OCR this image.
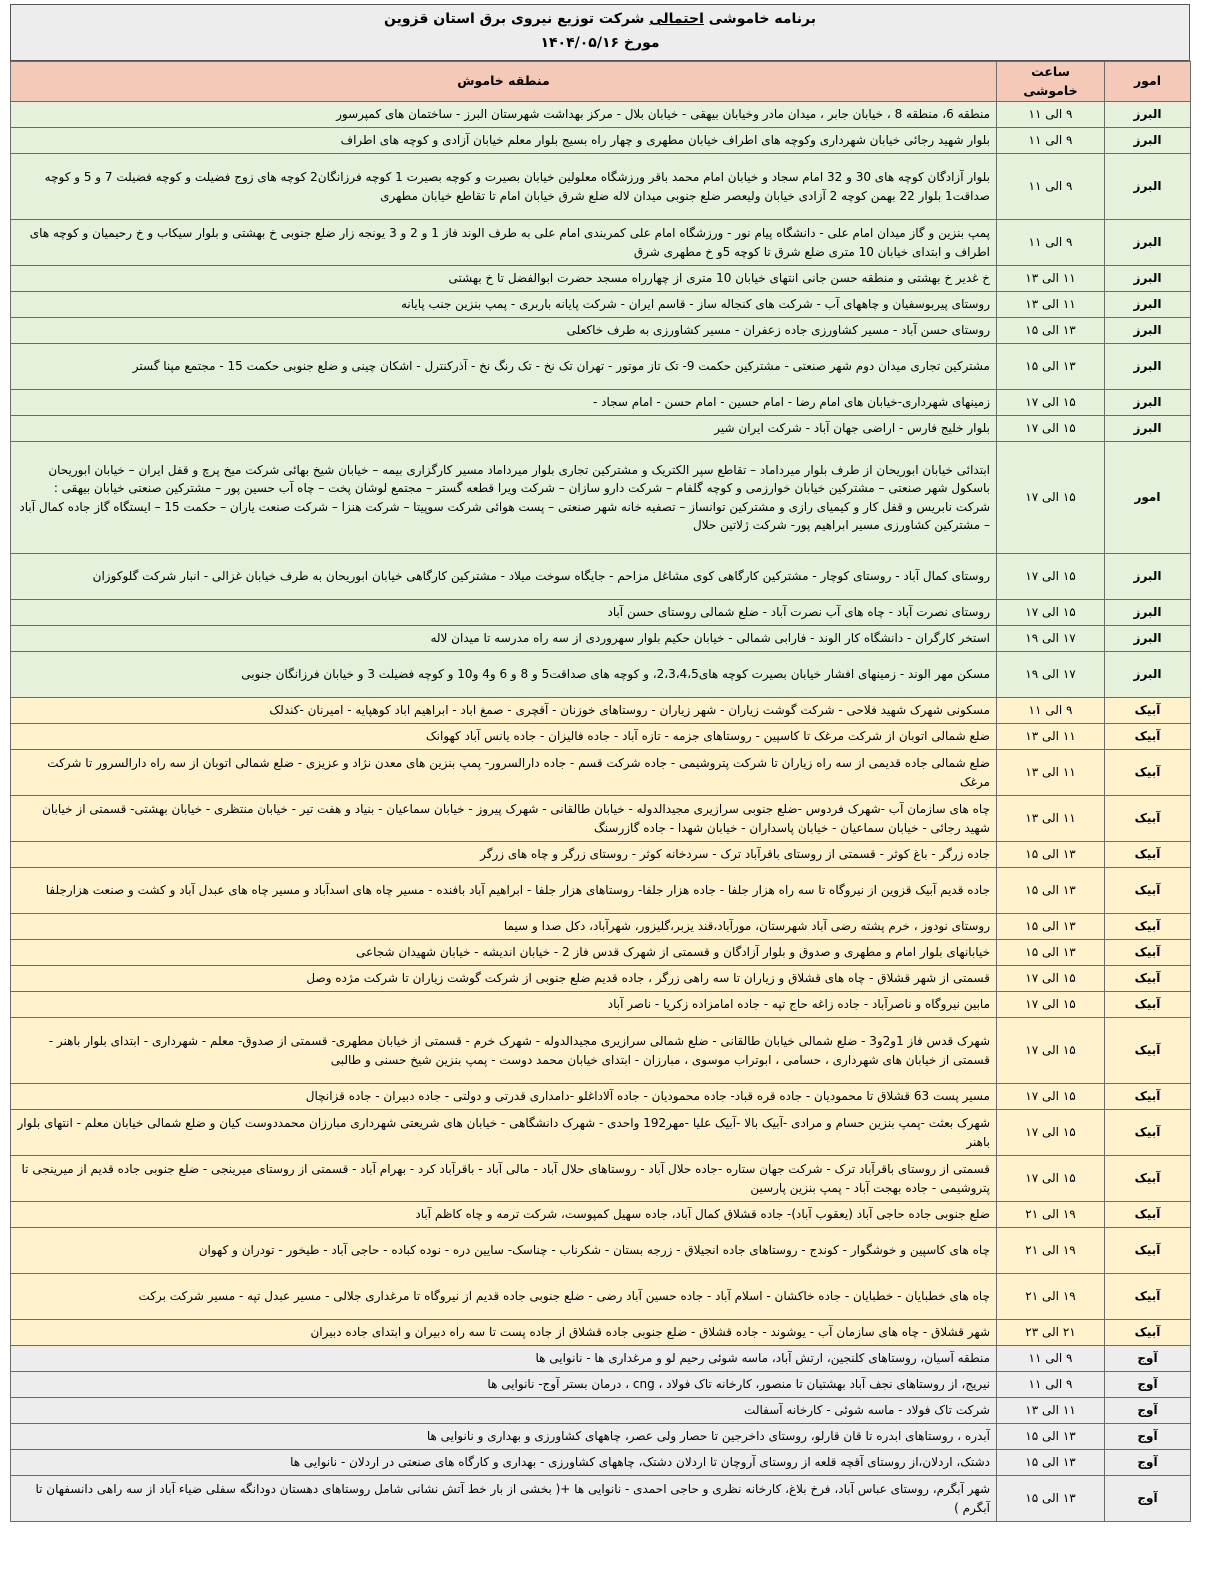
برنامه خاموشی احتمالی شرکت توزیع نیروی برق استان قزوین
مورخ ۱۴۰۴/۰۵/۱۶
امور	ساعت خاموشی	منطقه خاموش
البرز	۹ الی ۱۱	منطقه 6، منطقه 8 ، خیابان جابر ، میدان مادر وخیابان بیهقی - خیابان بلال - مرکز بهداشت شهرستان البرز - ساختمان های کمپرسور
البرز	۹ الی ۱۱	بلوار شهید رجائی خیابان شهرداری وکوچه های اطراف خیابان مطهری و چهار راه بسیج بلوار معلم خیابان آزادی و کوچه های اطراف
البرز	۹ الی ۱۱	بلوار آزادگان کوچه های 30 و 32 امام سجاد و خیابان امام محمد باقر ورزشگاه معلولین خیابان بصیرت و کوچه بصیرت 1 کوچه فرزانگان2 کوچه های زوج فضیلت و کوچه فضیلت 7 و 5 و کوچه صداقت1 بلوار 22 بهمن کوچه 2 آزادی خیابان ولیعصر ضلع جنوبی میدان لاله ضلع شرق خیابان امام تا تقاطع خیابان مطهری
البرز	۹ الی ۱۱	پمپ بنزین و گاز میدان امام علی - دانشگاه پیام نور - ورزشگاه امام علی کمربندی امام علی به طرف الوند فاز 1 و 2 و 3 یونجه زار ضلع جنوبی خ بهشتی و بلوار سیکاب و خ رحیمیان و کوچه های اطراف و ابتدای خیابان 10 متری ضلع شرق تا کوچه 5و خ مطهری شرق
البرز	۱۱ الی ۱۳	خ غدیر خ بهشتی و منطقه حسن جانی انتهای خیابان 10 متری از چهارراه مسجد حضرت ابوالفضل تا خ بهشتی
البرز	۱۱ الی ۱۳	روستای پیربوسفیان و چاههای آب - شرکت های کنجاله ساز - قاسم ایران - شرکت پایانه باربری - پمپ بنزین جنب پایانه
البرز	۱۳ الی ۱۵	روستای حسن آباد - مسیر کشاورزی جاده زعفران - مسیر کشاورزی به طرف خاکعلی
البرز	۱۳ الی ۱۵	مشترکین تجاری میدان دوم شهر صنعتی - مشترکین حکمت 9- تک تاز موتور - تهران تک نخ - تک رنگ نخ - آذرکنترل - اشکان چینی و ضلع جنوبی حکمت 15 - مجتمع مپنا گستر
البرز	۱۵ الی ۱۷	زمینهای شهرداری-خیابان های امام رضا - امام حسین - امام حسن - امام سجاد -
البرز	۱۵ الی ۱۷	بلوار خلیج فارس - اراضی جهان آباد - شرکت ایران شیر
امور	۱۵ الی ۱۷	ابتدائی خیابان ابوریحان از طرف بلوار میرداماد – تقاطع سپر الکتریک و مشترکین تجاری بلوار میرداماد مسیر کارگزاری بیمه – خیابان شیخ بهائی شرکت میخ پرچ و قفل ایران – خیابان ابوریحان باسکول شهر صنعتی – مشترکین خیابان خوارزمی و کوچه گلفام – شرکت دارو سازان – شرکت ویرا قطعه گستر – مجتمع لوشان پخت – چاه آب حسین پور – مشترکین صنعتی خیابان بیهقی : شرکت نابریس و قفل کار و کیمیای رازی و مشترکین توانساز – تصفیه خانه شهر صنعتی – پست هوائی شرکت سوپیتا – شرکت هنزا – شرکت صنعت یاران – حکمت 15 – ایستگاه گاز جاده کمال آباد – مشترکین کشاورزی مسیر ابراهیم پور- شرکت ژلاتین حلال
البرز	۱۵ الی ۱۷	روستای کمال آباد - روستای کوچار - مشترکین کارگاهی کوی مشاغل مزاحم - جایگاه سوخت میلاد - مشترکین کارگاهی خیابان ابوریحان به طرف خیابان غزالی - انبار شرکت گلوکوزان
البرز	۱۵ الی ۱۷	روستای نصرت آباد - چاه های آب نصرت آباد - ضلع شمالی روستای حسن آباد
البرز	۱۷ الی ۱۹	استخر کارگران - دانشگاه کار الوند - فارابی شمالی - خیابان حکیم بلوار سهروردی از سه راه مدرسه تا میدان لاله
البرز	۱۷ الی ۱۹	مسکن مهر الوند - زمینهای افشار خیابان بصیرت کوچه های2،3،4،5، و کوچه های صداقت5 و 8 و 6 و4 و10 و کوچه فضیلت 3 و خیابان فرزانگان جنوبی
آبیک	۹ الی ۱۱	مسکونی شهرک شهید فلاحی - شرکت گوشت زیاران - شهر زیاران - روستاهای خوزنان - آقچری - صمغ اباد - ابراهیم اباد کوهپایه - امیرنان -کندلک
آبیک	۱۱ الی ۱۳	ضلع شمالی اتوبان از شرکت مرغک تا کاسپین - روستاهای جزمه - تازه آباد - جاده فالیزان - جاده یانس آباد کهوانک
آبیک	۱۱ الی ۱۳	ضلع شمالی جاده قدیمی از سه راه زیاران تا شرکت پتروشیمی - جاده شرکت قسم - جاده دارالسرور- پمپ بنزین های معدن نژاد و عزیزی - ضلع شمالی اتوبان از سه راه دارالسرور تا شرکت مرغک
آبیک	۱۱ الی ۱۳	چاه های سازمان آب -شهرک فردوس -ضلع جنوبی سرازیری مجیدالدوله - خیابان طالقانی - شهرک پیروز - خیابان سماعیان - بنیاد و هفت تیر - خیابان منتظری - خیابان بهشتی- قسمتی از خیابان شهید رجائی - خیابان سماعیان - خیابان پاسداران - خیابان شهدا - جاده گازرسنگ
آبیک	۱۳ الی ۱۵	جاده زرگر - باغ کوثر - قسمتی از روستای باقرآباد ترک - سردخانه کوثر - روستای زرگر و چاه های زرگر
آبیک	۱۳ الی ۱۵	جاده قدیم آبیک قزوین از نیروگاه تا سه راه هزار جلفا - جاده هزار جلفا- روستاهای هزار جلفا - ابراهیم آباد بافنده - مسیر چاه های اسدآباد و مسیر چاه های عبدل آباد و کشت و صنعت هزارجلفا
آبیک	۱۳ الی ۱۵	روستای نودوز ، خرم پشته رضی آباد شهرستان، مورآباد،قند یزبر،گلیزور، شهرآباد، دکل صدا و سیما
آبیک	۱۳ الی ۱۵	خیابانهای بلوار امام و مطهری و صدوق و بلوار آزادگان و قسمتی از شهرک قدس فاز 2 - خیابان اندیشه - خیابان شهیدان شجاعی
آبیک	۱۵ الی ۱۷	قسمتی از شهر قشلاق - چاه های قشلاق و زیاران تا سه راهی زرگر ، جاده قدیم ضلع جنوبی از شرکت گوشت زیاران تا شرکت مژده وصل
آبیک	۱۵ الی ۱۷	مابین نیروگاه و ناصرآباد - جاده زاغه حاج تپه - جاده امامزاده زکریا - ناصر آباد
آبیک	۱۵ الی ۱۷	شهرک قدس فاز 1و2و3 - ضلع شمالی خیابان طالقانی - ضلع شمالی سرازیری مجیدالدوله - شهرک خرم - قسمتی از خیابان مطهری- قسمتی از صدوق- معلم - شهرداری - ابتدای بلوار باهنر - قسمتی از خیابان های شهرداری ، حسامی ، ابوتراب موسوی ، مبارزان - ابتدای خیابان محمد دوست - پمپ بنزین شیخ حسنی و طالبی
آبیک	۱۵ الی ۱۷	مسیر پست 63 قشلاق تا محمودیان - جاده قره قباد- جاده محمودیان - جاده آلاداغلو -دامداری قدرتی و دولتی - جاده دبیران - جاده قزانچال
آبیک	۱۵ الی ۱۷	شهرک بعثت -پمپ بنزین حسام و مرادی -آبیک بالا -آبیک علیا -مهر192 واحدی - شهرک دانشگاهی - خیابان های شریعتی شهرداری مبارزان محمددوست کیان و ضلع شمالی خیابان معلم - انتهای بلوار باهنر
آبیک	۱۵ الی ۱۷	قسمتی از روستای باقرآباد ترک - شرکت جهان ستاره -جاده حلال آباد - روستاهای حلال آباد - مالی آباد - باقرآباد کرد - بهرام آباد - قسمتی از روستای میرینجی - ضلع جنوبی جاده قدیم از میرینجی تا پتروشیمی - جاده بهجت آباد - پمپ بنزین پارسین
آبیک	۱۹ الی ۲۱	ضلع جنوبی جاده حاجی آباد (یعقوب آباد)- جاده قشلاق کمال آباد، جاده سهیل کمپوست، شرکت ترمه و چاه کاظم آباد
آبیک	۱۹ الی ۲۱	چاه های کاسپین و خوشگوار - کوندج - روستاهای جاده انجیلاق - زرجه بستان - شکرناب - چناسک- سایین دره - نوده کباده - حاجی آباد - طیخور - تودران و کهوان
آبیک	۱۹ الی ۲۱	چاه های خطبایان - خطبایان - جاده خاکشان - اسلام آباد - جاده حسین آباد رضی - ضلع جنوبی جاده قدیم از نیروگاه تا مرغداری جلالی - مسیر عبدل تپه - مسیر شرکت برکت
آبیک	۲۱ الی ۲۳	شهر قشلاق - چاه های سازمان آب - یوشوند - جاده قشلاق - ضلع جنوبی جاده قشلاق از جاده پست تا سه راه دبیران و ابتدای جاده دبیران
آوج	۹ الی ۱۱	منطقه آسیان، روستاهای کلنجین، ارتش آباد، ماسه شوئی رحیم لو و مرغداری ها - نانوایی ها
آوج	۹ الی ۱۱	نیریج، از روستاهای نجف آباد بهشتیان تا منصور، کارخانه تاک فولاد ، cng ، درمان بستر آوج- نانوایی ها
آوج	۱۱ الی ۱۳	شرکت تاک فولاد - ماسه شوئی - کارخانه آسفالت
آوج	۱۳ الی ۱۵	آبدره ، روستاهای ابدره تا قان قارلو، روستای داخرجین تا حصار ولی عصر، چاههای کشاورزی و بهداری و نانوایی ها
آوج	۱۳ الی ۱۵	دشتک، اردلان،از روستای آقچه قلعه از روستای آروچان تا اردلان دشتک، چاههای کشاورزی - بهداری و کارگاه های صنعتی در اردلان - نانوایی ها
آوج	۱۳ الی ۱۵	شهر آبگرم، روستای عباس آباد، فرخ بلاغ، کارخانه نظری و حاجی احمدی - نانوایی ها +( بخشی از بار خط آتش نشانی شامل روستاهای دهستان دودانگه سفلی ضیاء آباد از سه راهی دانسفهان تا آبگرم )
